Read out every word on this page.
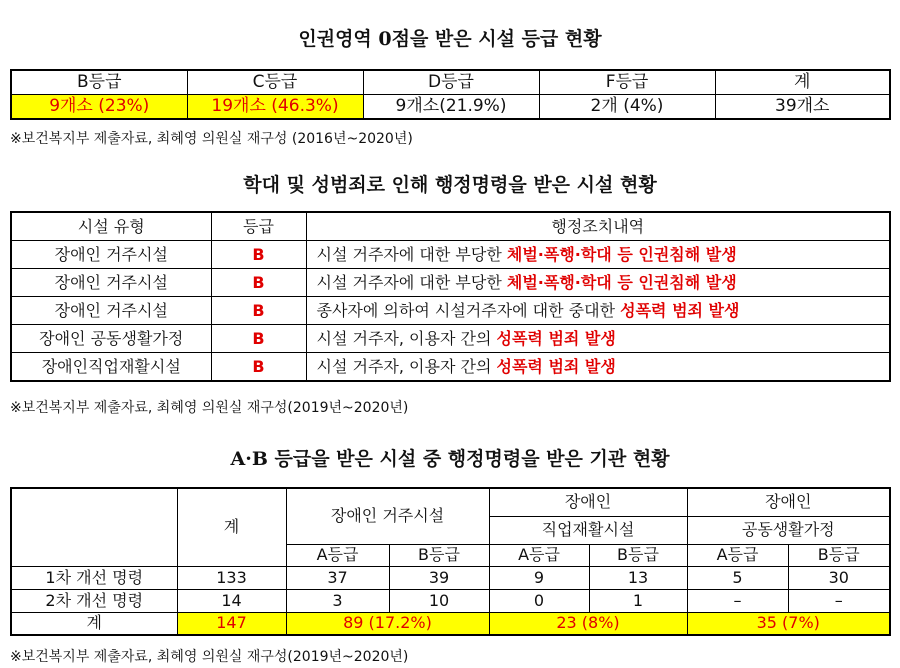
인권영역 0점을 받은 시설 등급 현황
B등급	C등급	D등급	F등급	계
9개소 (23%)	19개소 (46.3%)	9개소(21.9%)	2개 (4%)	39개소
※보건복지부 제출자료, 최혜영 의원실 재구성 (2016년~2020년)
학대 및 성범죄로 인해 행정명령을 받은 시설 현황
시설 유형	등급	행정조치내역
장애인 거주시설	B	시설 거주자에 대한 부당한 체벌·폭행·학대 등 인권침해 발생
장애인 거주시설	B	시설 거주자에 대한 부당한 체벌·폭행·학대 등 인권침해 발생
장애인 거주시설	B	종사자에 의하여 시설거주자에 대한 중대한 성폭력 범죄 발생
장애인 공동생활가정	B	시설 거주자, 이용자 간의 성폭력 범죄 발생
장애인직업재활시설	B	시설 거주자, 이용자 간의 성폭력 범죄 발생
※보건복지부 제출자료, 최혜영 의원실 재구성(2019년~2020년)
A·B 등급을 받은 시설 중 행정명령을 받은 기관 현황
	계	장애인 거주시설		장애인		장애인	
				직업재활시설		공동생활가정	
		A등급	B등급	A등급	B등급	A등급	B등급
1차 개선 명령	133	37	39	9	13	5	30
2차 개선 명령	14	3	10	0	1	–	–
계	147	89 (17.2%)		23 (8%)		35 (7%)	
※보건복지부 제출자료, 최혜영 의원실 재구성(2019년~2020년)
